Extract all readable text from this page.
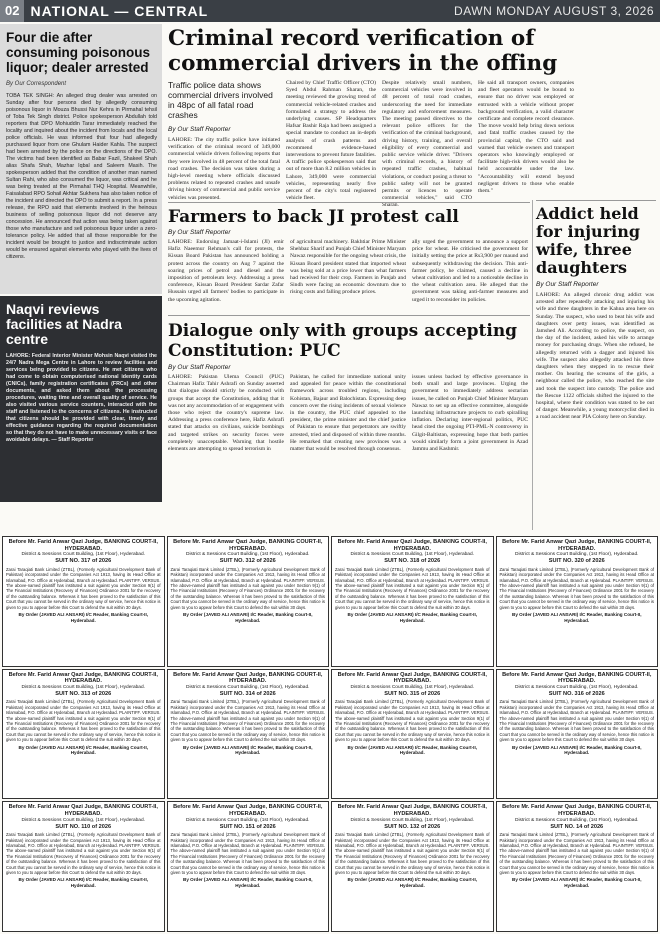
02 NATIONAL — CENTRAL	DAWN MONDAY AUGUST 3, 2026
Four die after consuming poisonous liquor; dealer arrested
By Our Correspondent
TOBA TEK SINGH: An alleged drug dealer was arrested on Sunday after four persons died by allegedly consuming poisonous liquor in Mouza Bhussi Nur Kehra in Pirmahal tehsil of Toba Tek Singh district. Police spokesperson Abdullah told reporters that DPO Mohiuddin Tarar immediately reached the locality and inquired about the incident from locals and the local police officials. He was informed that four had allegedly purchased liquor from one Ghulam Haider Kahla. The suspect had been arrested by the police on the directions of the DPO. The victims had been identified as Babar Fazil, Shakeel Shah alias Shafa Shah, Mazhar Iqbal and Saleem Masih. The spokesperson added that the condition of another man named Sultan Rahi, who also consumed the liquor, was critical and he was being treated at the Pirmahal THQ Hospital. Meanwhile, Faisalabad RPO Sohail Akhtar Sukhera has also taken notice of the incident and directed the DPO to submit a report. In a press release, the RPO said that elements involved in the heinous business of selling poisonous liquor did not deserve any concession. He announced that action was being taken against those who manufacture and sell poisonous liquor under a zero-tolerance policy. He added that all those responsible for the incident would be brought to justice and indiscriminate action would be ensured against elements who played with the lives of citizens.
Naqvi reviews facilities at Nadra centre
LAHORE: Federal Interior Minister Mohsin Naqvi visited the 24/7 Nadra Mega Centre in Lahore to review facilities and services being provided to citizens. He met citizens who had come to obtain computerised national identity cards (CNICs), family registration certificates (FRCs) and other documents, and asked them about the processing procedures, waiting time and overall quality of service. He also visited various service counters, interacted with the staff and listened to the concerns of citizens. He instructed that citizens should be provided with clear, timely and effective guidance regarding the required documentation so that they do not have to make unnecessary visits or face avoidable delays. — Staff Reporter
Criminal record verification of commercial drivers in the offing
Traffic police data shows commercial drivers involved in 48pc of all fatal road crashes
By Our Staff Reporter
LAHORE: The city traffic police have initiated verification of the criminal record of 349,000 commercial vehicle drivers following reports that they were involved in 48 percent of the total fatal road crashes. The decision was taken during a high-level meeting where officials discussed problems related to repeated crashes and unsafe driving history of commercial and public service vehicles was presented.
Chaired by Chief Traffic Officer (CTO) Syed Abdul Rahman Sharan, the meeting reviewed the growing trend of commercial vehicle-related crashes and formulated a strategy to address the underlying causes. SP Headquarters Hafsar Bashir Raja had been assigned a special mandate to conduct an in-depth analysis of crash patterns and recommend evidence-based interventions to prevent future fatalities. A traffic police spokesperson said that out of more than 8.2 million vehicles in Lahore, 349,000 were commercial vehicles, representing nearly five percent of the city's total registered vehicle fleet.
Despite relatively small numbers, commercial vehicles were involved in 48 percent of total road crashes, underscoring the need for immediate regulatory and enforcement measures. The meeting passed directives to the relevant police officers for the verification of the criminal background, driving history, training, and overall eligibility of every commercial and public service vehicle driver. "Drivers with criminal records, a history of repeated traffic crashes, habitual violations, or conduct posing a threat to public safety will not be granted permits or licences to operate commercial vehicles," said CTO Sharan.
He said all transport owners, companies and fleet operators would be bound to ensure that no driver was employed or entrusted with a vehicle without proper background verification, a valid character certificate and complete record clearance. The move would help bring down serious and fatal traffic crashes caused by the provincial capital, the CTO said and warned that vehicle owners and transport operators who knowingly employed or facilitate high-risk drivers would also be held accountable under the law. "Accountability will extend beyond negligent drivers to those who enable them."
Farmers to back JI protest call
By Our Staff Reporter
LAHORE: Endorsing Jamaat-i-Islami (JI) emir Hafiz Naeemur Rehman's call for protests, the Kissan Board Pakistan has announced holding a protest across the country on Aug 7 against the soaring prices of petrol and diesel and the imposition of petroleum levy. Addressing a press conference, Kissan Board President Sardar Zafar Hussain urged all farmers' bodies to participate in the upcoming agitation.
of agricultural machinery. Bakhtiar Prime Minister Shehbaz Sharif and Punjab Chief Minister Maryam Nawaz responsible for the ongoing wheat crisis, the Kissan Board president stated that imported wheat was being sold at a price lower than what farmers had received for their crop. Farmers in Punjab and Sindh were facing an economic downturn due to rising costs and falling produce prices.
ally urged the government to announce a support price for wheat. He criticised the government for initially setting the price at Rs3,900 per maund and subsequently withdrawing the decision. This anti-farmer policy, he claimed, caused a decline in wheat cultivation and led to a noticeable decline in the wheat cultivation area. He alleged that the government was taking anti-farmer measures and urged it to reconsider its policies.
Dialogue only with groups accepting Constitution: PUC
By Our Staff Reporter
LAHORE: Pakistan Ulema Council (PUC) Chairman Hafiz Tahir Ashrafi on Sunday asserted that dialogue should strictly be conducted with groups that accept the Constitution, adding that it was not any accommodation of or engagement with those who reject the country's supreme law. Addressing a press conference here, Hafiz Ashrafi stated that attacks on civilians, suicide bombings and targeted strikes on security forces were completely unacceptable. Warning that hostile elements are attempting to spread terrorism in
Pakistan, he called for immediate national unity and appealed for peace within the constitutional framework across troubled regions, including Kohistan, Bajaur and Balochistan. Expressing deep concern over the rising incidents of sexual violence in the country, the PUC chief appealed to the president, the prime minister and the chief justice of Pakistan to ensure that perpetrators are swiftly arrested, tried and disposed of within three months. He remarked that creating new provinces was a matter that would be resolved through consensus.
issues unless backed by effective governance in both small and large provinces. Urging the government to immediately address sectarian issues, he called on Punjab Chief Minister Maryam Nawaz to set up an effective committee, alongside launching infrastructure projects to curb spiralling inflation. Declaring inter-regional politics, PUC head cited the ongoing PTI-PML-N controversy in Gilgit-Baltistan, expressing hope that both parties would similarly form a joint government in Azad Jammu and Kashmir.
Addict held for injuring wife, three daughters
By Our Staff Reporter
LAHORE: An alleged chronic drug addict was arrested after repeatedly attacking and injuring his wife and three daughters in the Kahna area here on Sunday. The suspect, who used to beat his wife and daughters over petty issues, was identified as Jamshed Ali. According to police, the suspect, on the day of the incident, asked his wife to arrange money for purchasing drugs. When she refused, he allegedly returned with a dagger and injured his wife. The suspect also allegedly attacked his three daughters when they stepped in to rescue their mother. On hearing the screams of the girls, a neighbour called the police, who reached the site and took the suspect into custody. The police and the Rescue 1122 officials shifted the injured to the hospital, where their condition was stated to be out of danger. Meanwhile, a young motorcyclist died in a road accident near PIA Colony here on Sunday.
Before Mr. Farid Anwar Qazi Judge, BANKING COURT-II, HYDERABAD.
District & Sessions Court Building, (1st Floor), Hyderabad.
SUIT NO. 317 of 2026
Zarai Taraqiati Bank Limited (ZTBL), (Formerly Agricultural Development Bank of Pakistan) incorporated under the Companies Act 1913, having its Head Office at Islamabad, P.O. Office at Hyderabad, Branch at Hyderabad. PLAINTIFF. VERSUS. The above-named plaintiff has instituted a suit against you under Section 9(1) of The Financial Institutions (Recovery of Finances) Ordinance 2001 for the recovery of the outstanding balance. Whereas it has been proved to the satisfaction of this Court that you cannot be served in the ordinary way of service, hence this notice is given to you to appear before this Court to defend the suit within 30 days.
By Order (JAVED ALI ANSARI) I/C Reader, Banking Court-II, Hyderabad.
Before Mr. Farid Anwar Qazi Judge, BANKING COURT-II, HYDERABAD.
District & Sessions Court Building, (1st Floor), Hyderabad.
SUIT NO. 312 of 2026
Zarai Taraqiati Bank Limited (ZTBL), (Formerly Agricultural Development Bank of Pakistan) incorporated under the Companies Act 1913, having its Head Office at Islamabad, P.O. Office at Hyderabad, Branch at Hyderabad. PLAINTIFF. VERSUS. The above-named plaintiff has instituted a suit against you under Section 9(1) of The Financial Institutions (Recovery of Finances) Ordinance 2001 for the recovery of the outstanding balance. Whereas it has been proved to the satisfaction of this Court that you cannot be served in the ordinary way of service, hence this notice is given to you to appear before this Court to defend the suit within 30 days.
By Order (JAVED ALI ANSARI) I/C Reader, Banking Court-II, Hyderabad.
Before Mr. Farid Anwar Qazi Judge, BANKING COURT-II, HYDERABAD.
District & Sessions Court Building, (1st Floor), Hyderabad.
SUIT NO. 318 of 2026
Zarai Taraqiati Bank Limited (ZTBL), (Formerly Agricultural Development Bank of Pakistan) incorporated under the Companies Act 1913, having its Head Office at Islamabad, P.O. Office at Hyderabad, Branch at Hyderabad. PLAINTIFF. VERSUS. The above-named plaintiff has instituted a suit against you under Section 9(1) of The Financial Institutions (Recovery of Finances) Ordinance 2001 for the recovery of the outstanding balance. Whereas it has been proved to the satisfaction of this Court that you cannot be served in the ordinary way of service, hence this notice is given to you to appear before this Court to defend the suit within 30 days.
By Order (JAVED ALI ANSARI) I/C Reader, Banking Court-II, Hyderabad.
Before Mr. Farid Anwar Qazi Judge, BANKING COURT-II, HYDERABAD.
District & Sessions Court Building, (1st Floor), Hyderabad.
SUIT NO. 320 of 2026
Zarai Taraqiati Bank Limited (ZTBL), (Formerly Agricultural Development Bank of Pakistan) incorporated under the Companies Act 1913, having its Head Office at Islamabad, P.O. Office at Hyderabad, Branch at Hyderabad. PLAINTIFF. VERSUS. The above-named plaintiff has instituted a suit against you under Section 9(1) of The Financial Institutions (Recovery of Finances) Ordinance 2001 for the recovery of the outstanding balance. Whereas it has been proved to the satisfaction of this Court that you cannot be served in the ordinary way of service, hence this notice is given to you to appear before this Court to defend the suit within 30 days.
By Order (JAVED ALI ANSARI) I/C Reader, Banking Court-II, Hyderabad.
Before Mr. Farid Anwar Qazi Judge, BANKING COURT-II, HYDERABAD.
District & Sessions Court Building, (1st Floor), Hyderabad.
SUIT NO. 313 of 2026
Zarai Taraqiati Bank Limited (ZTBL), (Formerly Agricultural Development Bank of Pakistan) incorporated under the Companies Act 1913, having its Head Office at Islamabad, P.O. Office at Hyderabad, Branch at Hyderabad. PLAINTIFF. VERSUS. The above-named plaintiff has instituted a suit against you under Section 9(1) of The Financial Institutions (Recovery of Finances) Ordinance 2001 for the recovery of the outstanding balance. Whereas it has been proved to the satisfaction of this Court that you cannot be served in the ordinary way of service, hence this notice is given to you to appear before this Court to defend the suit within 30 days.
By Order (JAVED ALI ANSARI) I/C Reader, Banking Court-II, Hyderabad.
Before Mr. Farid Anwar Qazi Judge, BANKING COURT-II, HYDERABAD.
District & Sessions Court Building, (1st Floor), Hyderabad.
SUIT NO. 314 of 2026
Zarai Taraqiati Bank Limited (ZTBL), (Formerly Agricultural Development Bank of Pakistan) incorporated under the Companies Act 1913, having its Head Office at Islamabad, P.O. Office at Hyderabad, Branch at Hyderabad. PLAINTIFF. VERSUS. The above-named plaintiff has instituted a suit against you under Section 9(1) of The Financial Institutions (Recovery of Finances) Ordinance 2001 for the recovery of the outstanding balance. Whereas it has been proved to the satisfaction of this Court that you cannot be served in the ordinary way of service, hence this notice is given to you to appear before this Court to defend the suit within 30 days.
By Order (JAVED ALI ANSARI) I/C Reader, Banking Court-II, Hyderabad.
Before Mr. Farid Anwar Qazi Judge, BANKING COURT-II, HYDERABAD.
District & Sessions Court Building, (1st Floor), Hyderabad.
SUIT NO. 315 of 2026
Zarai Taraqiati Bank Limited (ZTBL), (Formerly Agricultural Development Bank of Pakistan) incorporated under the Companies Act 1913, having its Head Office at Islamabad, P.O. Office at Hyderabad, Branch at Hyderabad. PLAINTIFF. VERSUS. The above-named plaintiff has instituted a suit against you under Section 9(1) of The Financial Institutions (Recovery of Finances) Ordinance 2001 for the recovery of the outstanding balance. Whereas it has been proved to the satisfaction of this Court that you cannot be served in the ordinary way of service, hence this notice is given to you to appear before this Court to defend the suit within 30 days.
By Order (JAVED ALI ANSARI) I/C Reader, Banking Court-II, Hyderabad.
Before Mr. Farid Anwar Qazi Judge, BANKING COURT-II, HYDERABAD.
District & Sessions Court Building, (1st Floor), Hyderabad.
SUIT NO. 316 of 2026
Zarai Taraqiati Bank Limited (ZTBL), (Formerly Agricultural Development Bank of Pakistan) incorporated under the Companies Act 1913, having its Head Office at Islamabad, P.O. Office at Hyderabad, Branch at Hyderabad. PLAINTIFF. VERSUS. The above-named plaintiff has instituted a suit against you under Section 9(1) of The Financial Institutions (Recovery of Finances) Ordinance 2001 for the recovery of the outstanding balance. Whereas it has been proved to the satisfaction of this Court that you cannot be served in the ordinary way of service, hence this notice is given to you to appear before this Court to defend the suit within 30 days.
By Order (JAVED ALI ANSARI) I/C Reader, Banking Court-II, Hyderabad.
Before Mr. Farid Anwar Qazi Judge, BANKING COURT-II, HYDERABAD.
District & Sessions Court Building, (1st Floor), Hyderabad.
SUIT NO. 110 of 2026
Zarai Taraqiati Bank Limited (ZTBL), (Formerly Agricultural Development Bank of Pakistan) incorporated under the Companies Act 1913, having its Head Office at Islamabad, P.O. Office at Hyderabad, Branch at Hyderabad. PLAINTIFF. VERSUS. The above-named plaintiff has instituted a suit against you under Section 9(1) of The Financial Institutions (Recovery of Finances) Ordinance 2001 for the recovery of the outstanding balance. Whereas it has been proved to the satisfaction of this Court that you cannot be served in the ordinary way of service, hence this notice is given to you to appear before this Court to defend the suit within 30 days.
By Order (JAVED ALI ANSARI) I/C Reader, Banking Court-II, Hyderabad.
Before Mr. Farid Anwar Qazi Judge, BANKING COURT-II, HYDERABAD.
District & Sessions Court Building, (1st Floor), Hyderabad.
SUIT NO. 151 of 2026
Zarai Taraqiati Bank Limited (ZTBL), (Formerly Agricultural Development Bank of Pakistan) incorporated under the Companies Act 1913, having its Head Office at Islamabad, P.O. Office at Hyderabad, Branch at Hyderabad. PLAINTIFF. VERSUS. The above-named plaintiff has instituted a suit against you under Section 9(1) of The Financial Institutions (Recovery of Finances) Ordinance 2001 for the recovery of the outstanding balance. Whereas it has been proved to the satisfaction of this Court that you cannot be served in the ordinary way of service, hence this notice is given to you to appear before this Court to defend the suit within 30 days.
By Order (JAVED ALI ANSARI) I/C Reader, Banking Court-II, Hyderabad.
Before Mr. Farid Anwar Qazi Judge, BANKING COURT-II, HYDERABAD.
District & Sessions Court Building, (1st Floor), Hyderabad.
SUIT NO. 132 of 2026
Zarai Taraqiati Bank Limited (ZTBL), (Formerly Agricultural Development Bank of Pakistan) incorporated under the Companies Act 1913, having its Head Office at Islamabad, P.O. Office at Hyderabad, Branch at Hyderabad. PLAINTIFF. VERSUS. The above-named plaintiff has instituted a suit against you under Section 9(1) of The Financial Institutions (Recovery of Finances) Ordinance 2001 for the recovery of the outstanding balance. Whereas it has been proved to the satisfaction of this Court that you cannot be served in the ordinary way of service, hence this notice is given to you to appear before this Court to defend the suit within 30 days.
By Order (JAVED ALI ANSARI) I/C Reader, Banking Court-II, Hyderabad.
Before Mr. Farid Anwar Qazi Judge, BANKING COURT-II, HYDERABAD.
District & Sessions Court Building, (1st Floor), Hyderabad.
SUIT NO. 14 of 2026
Zarai Taraqiati Bank Limited (ZTBL), (Formerly Agricultural Development Bank of Pakistan) incorporated under the Companies Act 1913, having its Head Office at Islamabad, P.O. Office at Hyderabad, Branch at Hyderabad. PLAINTIFF. VERSUS. The above-named plaintiff has instituted a suit against you under Section 9(1) of The Financial Institutions (Recovery of Finances) Ordinance 2001 for the recovery of the outstanding balance. Whereas it has been proved to the satisfaction of this Court that you cannot be served in the ordinary way of service, hence this notice is given to you to appear before this Court to defend the suit within 30 days.
By Order (JAVED ALI ANSARI) I/C Reader, Banking Court-II, Hyderabad.
